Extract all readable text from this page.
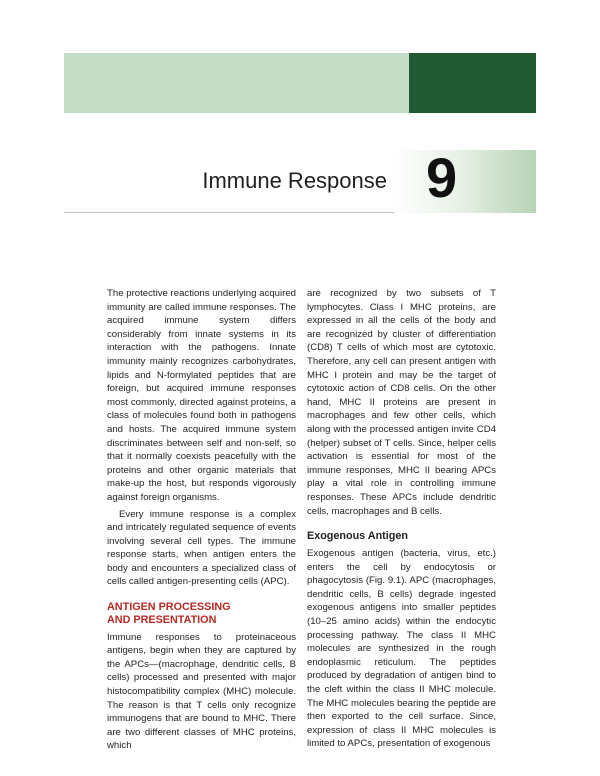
Immune Response 9

The protective reactions underlying acquired immunity are called immune responses. The acquired immune system differs considerably from innate systems in its interaction with the pathogens. Innate immunity mainly recognizes carbohydrates, lipids and N-formylated peptides that are foreign, but acquired immune responses most commonly, directed against proteins, a class of molecules found both in pathogens and hosts. The acquired immune system discriminates between self and non-self, so that it normally coexists peacefully with the proteins and other organic materials that make-up the host, but responds vigorously against foreign organisms.

Every immune response is a complex and intricately regulated sequence of events involving several cell types. The immune response starts, when antigen enters the body and encounters a specialized class of cells called antigen-presenting cells (APC).

ANTIGEN PROCESSING
AND PRESENTATION

Immune responses to proteinaceous antigens, begin when they are captured by the APCs—(macrophage, dendritic cells, B cells) processed and presented with major histocompatibility complex (MHC) molecule. The reason is that T cells only recognize immunogens that are bound to MHC. There are two different classes of MHC proteins, which

are recognized by two subsets of T lymphocytes. Class I MHC proteins, are expressed in all the cells of the body and are recognized by cluster of differentiation (CD8) T cells of which most are cytotoxic. Therefore, any cell can present antigen with MHC I protein and may be the target of cytotoxic action of CD8 cells. On the other hand, MHC II proteins are present in macrophages and few other cells, which along with the processed antigen invite CD4 (helper) subset of T cells. Since, helper cells activation is essential for most of the immune responses, MHC II bearing APCs play a vital role in controlling immune responses. These APCs include dendritic cells, macrophages and B cells.

Exogenous Antigen

Exogenous antigen (bacteria, virus, etc.) enters the cell by endocytosis or phagocytosis (Fig. 9.1). APC (macrophages, dendritic cells, B cells) degrade ingested exogenous antigens into smaller peptides (10–25 amino acids) within the endocytic processing pathway. The class II MHC molecules are synthesized in the rough endoplasmic reticulum. The peptides produced by degradation of antigen bind to the cleft within the class II MHC molecule. The MHC molecules bearing the peptide are then exported to the cell surface. Since, expression of class II MHC molecules is limited to APCs, presentation of exogenous
